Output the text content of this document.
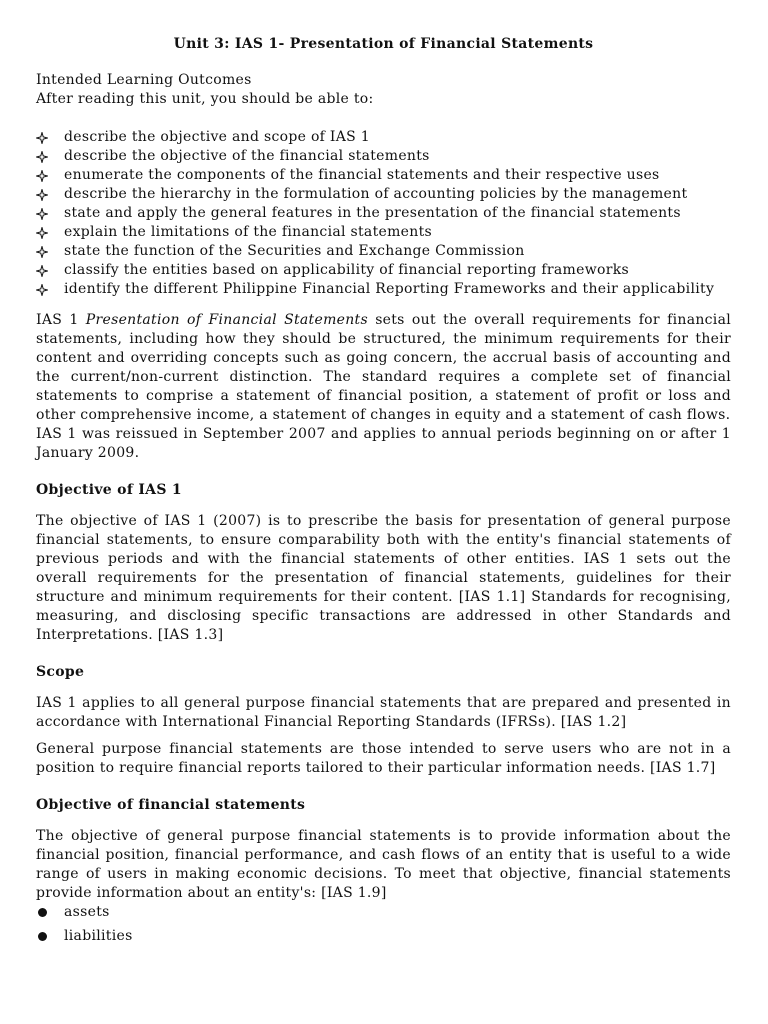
Unit 3: IAS 1- Presentation of Financial Statements

Intended Learning Outcomes

After reading this unit, you should be able to:

describe the objective and scope of IAS 1
describe the objective of the financial statements
enumerate the components of the financial statements and their respective uses
describe the hierarchy in the formulation of accounting policies by the management
state and apply the general features in the presentation of the financial statements
explain the limitations of the financial statements
state the function of the Securities and Exchange Commission
classify the entities based on applicability of financial reporting frameworks
identify the different Philippine Financial Reporting Frameworks and their applicability

IAS 1 Presentation of Financial Statements sets out the overall requirements for financial statements, including how they should be structured, the minimum requirements for their content and overriding concepts such as going concern, the accrual basis of accounting and the current/non-current distinction. The standard requires a complete set of financial statements to comprise a statement of financial position, a statement of profit or loss and other comprehensive income, a statement of changes in equity and a statement of cash flows.

IAS 1 was reissued in September 2007 and applies to annual periods beginning on or after 1 January 2009.

Objective of IAS 1

The objective of IAS 1 (2007) is to prescribe the basis for presentation of general purpose financial statements, to ensure comparability both with the entity's financial statements of previous periods and with the financial statements of other entities. IAS 1 sets out the overall requirements for the presentation of financial statements, guidelines for their structure and minimum requirements for their content. [IAS 1.1] Standards for recognising, measuring, and disclosing specific transactions are addressed in other Standards and Interpretations. [IAS 1.3]

Scope

IAS 1 applies to all general purpose financial statements that are prepared and presented in accordance with International Financial Reporting Standards (IFRSs). [IAS 1.2]

General purpose financial statements are those intended to serve users who are not in a position to require financial reports tailored to their particular information needs. [IAS 1.7]

Objective of financial statements

The objective of general purpose financial statements is to provide information about the financial position, financial performance, and cash flows of an entity that is useful to a wide range of users in making economic decisions. To meet that objective, financial statements provide information about an entity's: [IAS 1.9]

assets
liabilities
